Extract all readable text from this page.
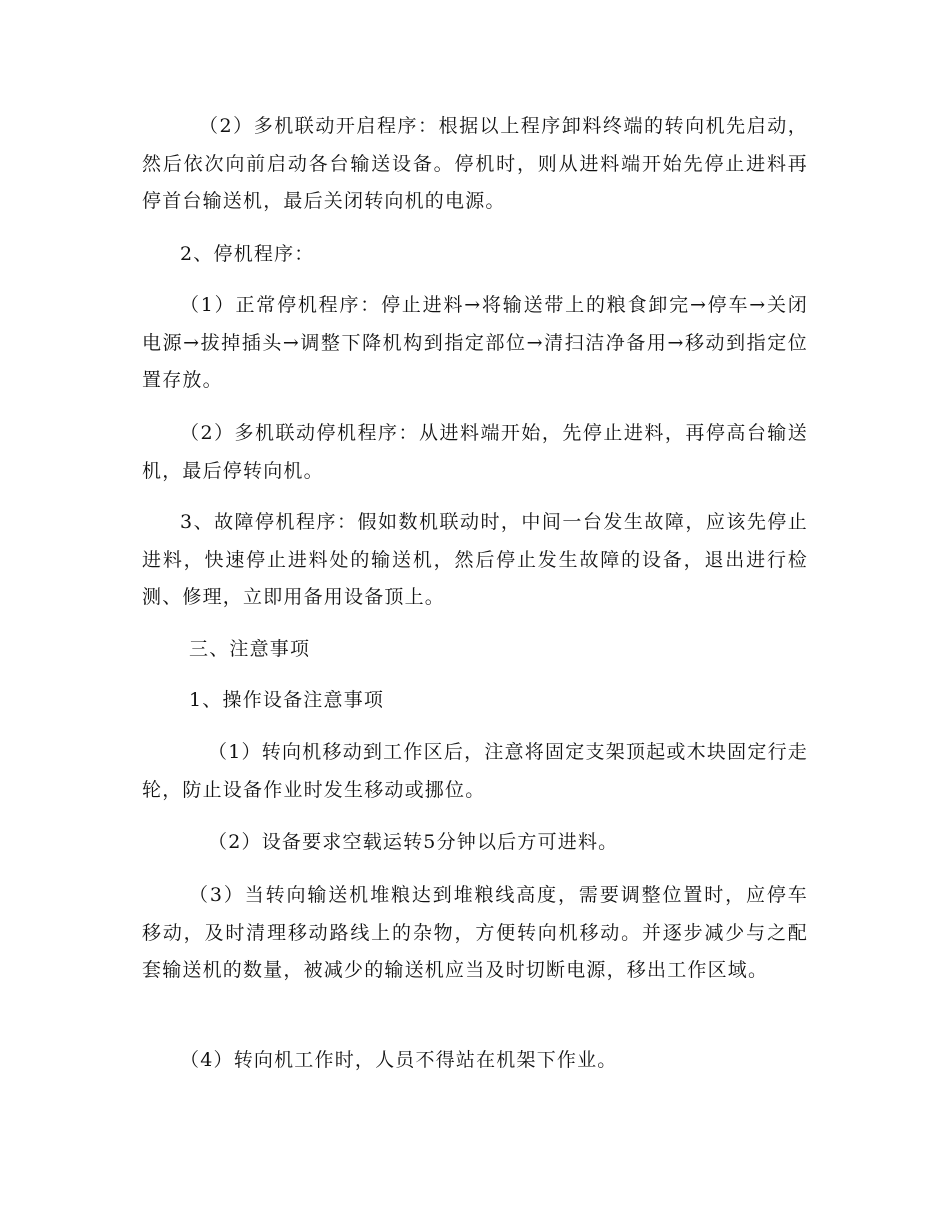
（2）多机联动开启程序：根据以上程序卸料终端的转向机先启动，然后依次向前启动各台输送设备。停机时，则从进料端开始先停止进料再停首台输送机，最后关闭转向机的电源。

2、停机程序：

（1）正常停机程序：停止进料→将输送带上的粮食卸完→停车→关闭电源→拔掉插头→调整下降机构到指定部位→清扫洁净备用→移动到指定位置存放。

（2）多机联动停机程序：从进料端开始，先停止进料，再停高台输送机，最后停转向机。

3、故障停机程序：假如数机联动时，中间一台发生故障，应该先停止进料，快速停止进料处的输送机，然后停止发生故障的设备，退出进行检测、修理，立即用备用设备顶上。

三、注意事项

1、操作设备注意事项

（1）转向机移动到工作区后，注意将固定支架顶起或木块固定行走轮，防止设备作业时发生移动或挪位。

（2）设备要求空载运转5分钟以后方可进料。

（3）当转向输送机堆粮达到堆粮线高度，需要调整位置时，应停车移动，及时清理移动路线上的杂物，方便转向机移动。并逐步减少与之配套输送机的数量，被减少的输送机应当及时切断电源，移出工作区域。

（4）转向机工作时，人员不得站在机架下作业。
